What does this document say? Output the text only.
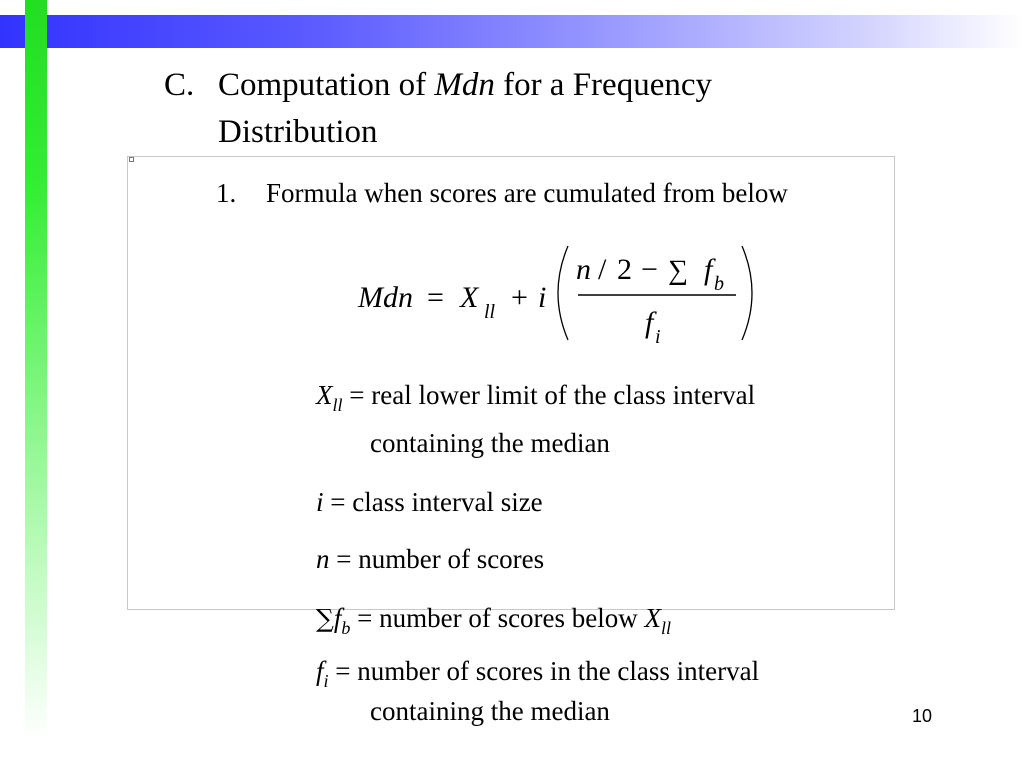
C. Computation of Mdn for a Frequency
Distribution
1. Formula when scores are cumulated from below
Mdn = X ll + i
n / 2 − ∑ f b
f i
$X_{ll}$ = real lower limit of the class interval
containing the median
i = class interval size
n = number of scores
$\sum f_b$ = number of scores below $X_{ll}$
$f_i$ = number of scores in the class interval
containing the median	10
